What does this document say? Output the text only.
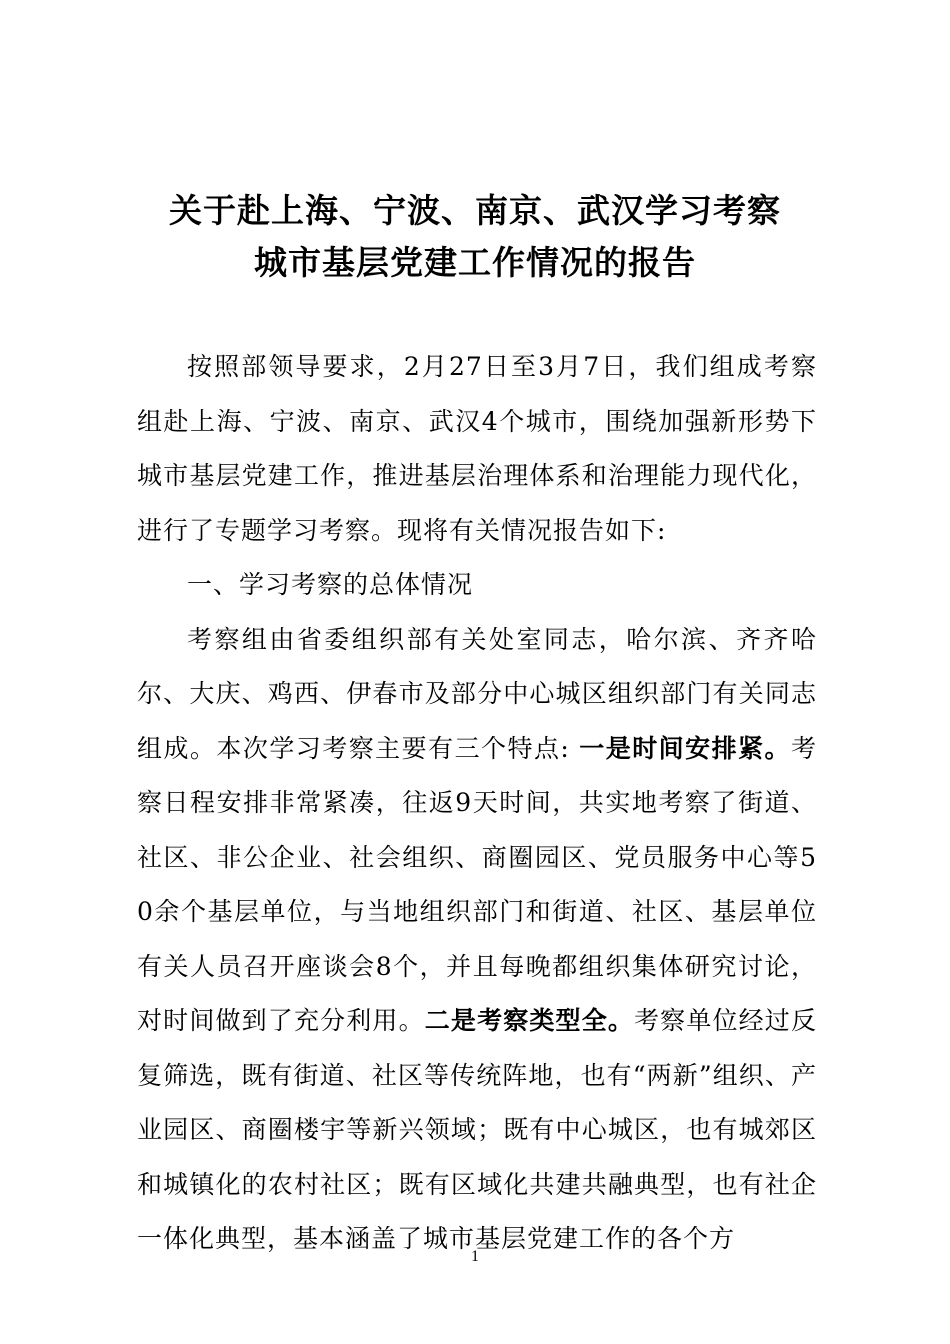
关于赴上海、宁波、南京、武汉学习考察
城市基层党建工作情况的报告

按照部领导要求，2月27日至3月7日，我们组成考察组赴上海、宁波、南京、武汉4个城市，围绕加强新形势下城市基层党建工作，推进基层治理体系和治理能力现代化，进行了专题学习考察。现将有关情况报告如下:

一、学习考察的总体情况

考察组由省委组织部有关处室同志，哈尔滨、齐齐哈尔、大庆、鸡西、伊春市及部分中心城区组织部门有关同志组成。本次学习考察主要有三个特点: 一是时间安排紧。考察日程安排非常紧凑，往返9天时间，共实地考察了街道、社区、非公企业、社会组织、商圈园区、党员服务中心等50余个基层单位，与当地组织部门和街道、社区、基层单位有关人员召开座谈会8个，并且每晚都组织集体研究讨论，对时间做到了充分利用。二是考察类型全。考察单位经过反复筛选，既有街道、社区等传统阵地，也有“两新”组织、产业园区、商圈楼宇等新兴领域；既有中心城区，也有城郊区和城镇化的农村社区；既有区域化共建共融典型，也有社企一体化典型，基本涵盖了城市基层党建工作的各个方

1
